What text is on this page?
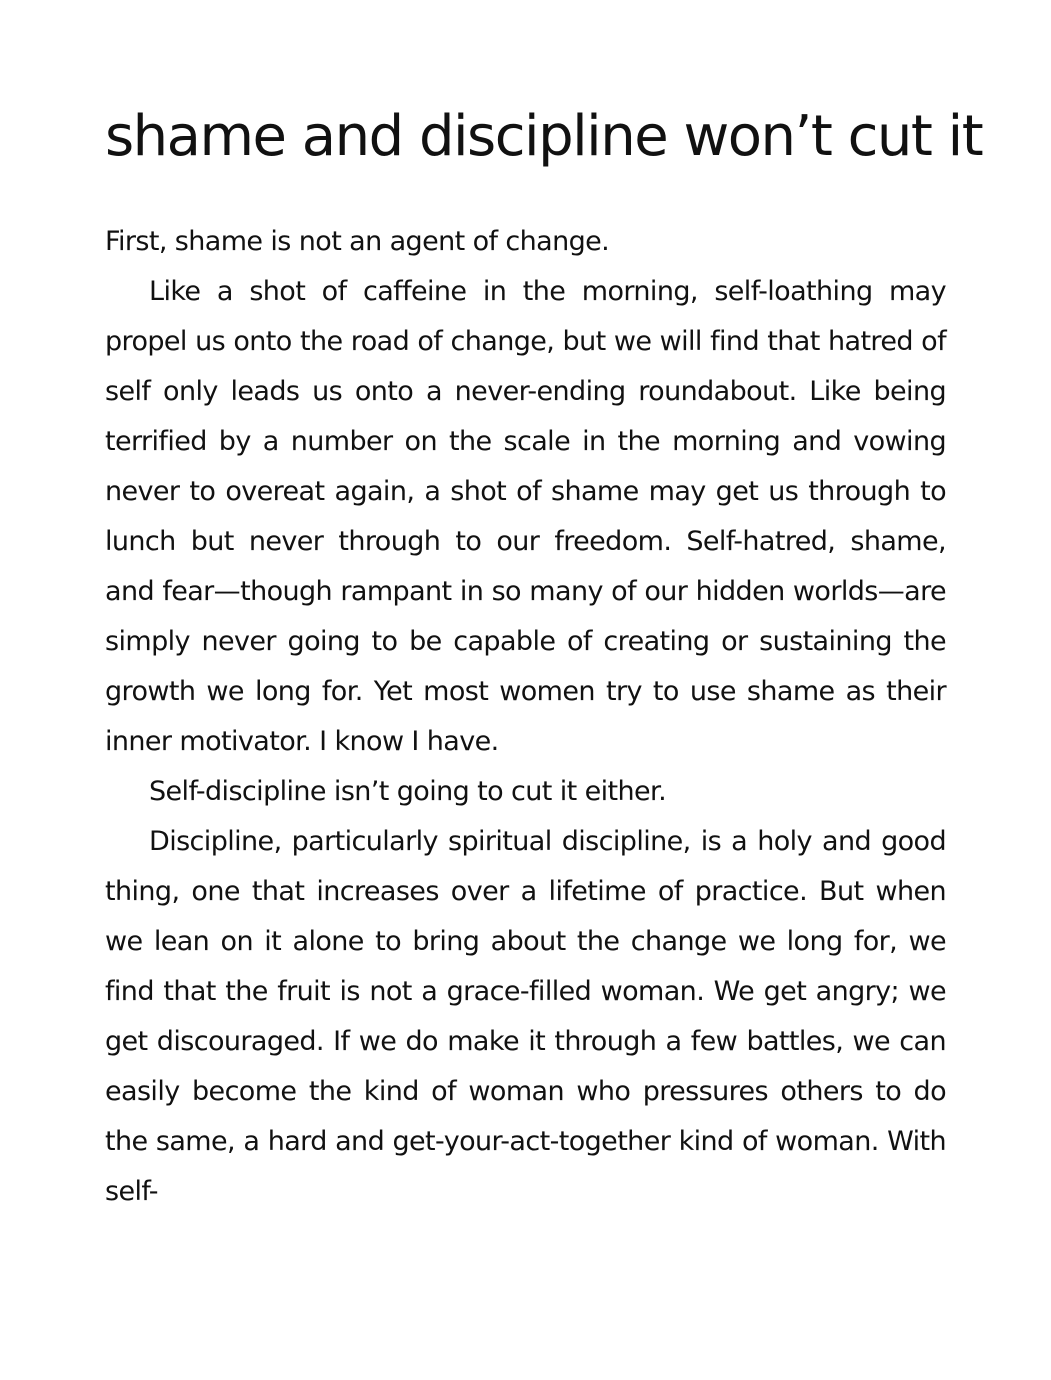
shame and discipline won’t cut it

First, shame is not an agent of change.

Like a shot of caffeine in the morning, self-loathing may propel us onto the road of change, but we will find that hatred of self only leads us onto a never-ending roundabout. Like being terrified by a number on the scale in the morning and vowing never to overeat again, a shot of shame may get us through to lunch but never through to our freedom. Self-hatred, shame, and fear—though rampant in so many of our hidden worlds—are simply never going to be capable of creating or sustaining the growth we long for. Yet most women try to use shame as their inner motivator. I know I have.

Self-discipline isn’t going to cut it either.

Discipline, particularly spiritual discipline, is a holy and good thing, one that increases over a lifetime of practice. But when we lean on it alone to bring about the change we long for, we find that the fruit is not a grace-filled woman. We get angry; we get discouraged. If we do make it through a few battles, we can easily become the kind of woman who pressures others to do the same, a hard and get-your-act-together kind of woman. With self-
